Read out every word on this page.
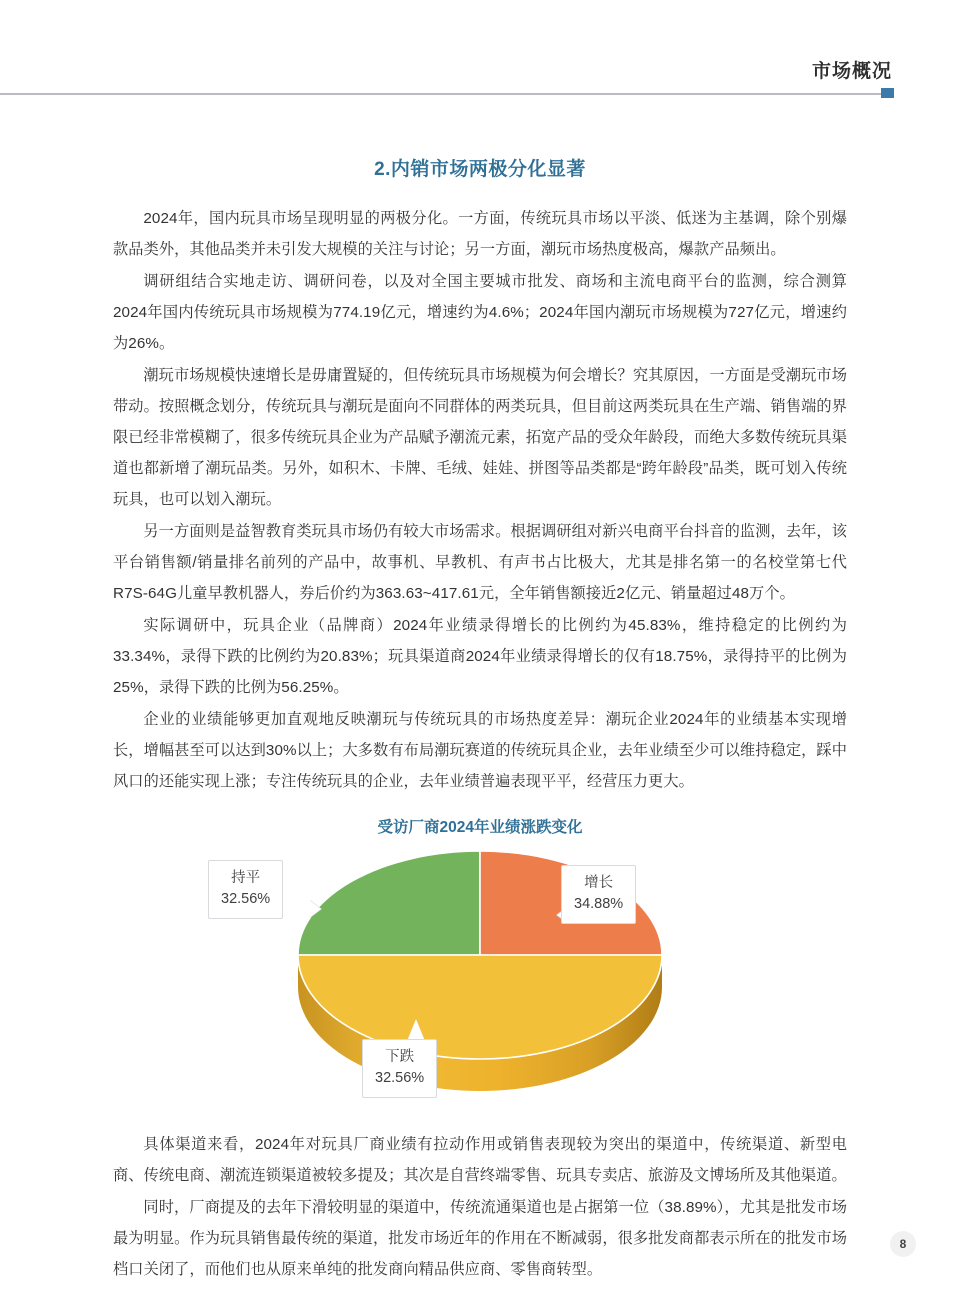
市场概况
2.内销市场两极分化显著

2024年，国内玩具市场呈现明显的两极分化。一方面，传统玩具市场以平淡、低迷为主基调，除个别爆款品类外，其他品类并未引发大规模的关注与讨论；另一方面，潮玩市场热度极高，爆款产品频出。

调研组结合实地走访、调研问卷，以及对全国主要城市批发、商场和主流电商平台的监测，综合测算2024年国内传统玩具市场规模为774.19亿元，增速约为4.6%；2024年国内潮玩市场规模为727亿元，增速约为26%。

潮玩市场规模快速增长是毋庸置疑的，但传统玩具市场规模为何会增长？究其原因，一方面是受潮玩市场带动。按照概念划分，传统玩具与潮玩是面向不同群体的两类玩具，但目前这两类玩具在生产端、销售端的界限已经非常模糊了，很多传统玩具企业为产品赋予潮流元素，拓宽产品的受众年龄段，而绝大多数传统玩具渠道也都新增了潮玩品类。另外，如积木、卡牌、毛绒、娃娃、拼图等品类都是“跨年龄段”品类，既可划入传统玩具，也可以划入潮玩。

另一方面则是益智教育类玩具市场仍有较大市场需求。根据调研组对新兴电商平台抖音的监测，去年，该平台销售额/销量排名前列的产品中，故事机、早教机、有声书占比极大，尤其是排名第一的名校堂第七代R7S-64G儿童早教机器人，券后价约为363.63~417.61元，全年销售额接近2亿元、销量超过48万个。

实际调研中，玩具企业（品牌商）2024年业绩录得增长的比例约为45.83%，维持稳定的比例约为33.34%，录得下跌的比例约为20.83%；玩具渠道商2024年业绩录得增长的仅有18.75%，录得持平的比例为25%，录得下跌的比例为56.25%。

企业的业绩能够更加直观地反映潮玩与传统玩具的市场热度差异：潮玩企业2024年的业绩基本实现增长，增幅甚至可以达到30%以上；大多数有布局潮玩赛道的传统玩具企业，去年业绩至少可以维持稳定，踩中风口的还能实现上涨；专注传统玩具的企业，去年业绩普遍表现平平，经营压力更大。

受访厂商2024年业绩涨跌变化
持平
32.56%
增长
34.88%
下跌
32.56%

具体渠道来看，2024年对玩具厂商业绩有拉动作用或销售表现较为突出的渠道中，传统渠道、新型电商、传统电商、潮流连锁渠道被较多提及；其次是自营终端零售、玩具专卖店、旅游及文博场所及其他渠道。

同时，厂商提及的去年下滑较明显的渠道中，传统流通渠道也是占据第一位（38.89%），尤其是批发市场最为明显。作为玩具销售最传统的渠道，批发市场近年的作用在不断减弱，很多批发商都表示所在的批发市场档口关闭了，而他们也从原来单纯的批发商向精品供应商、零售商转型。

8
